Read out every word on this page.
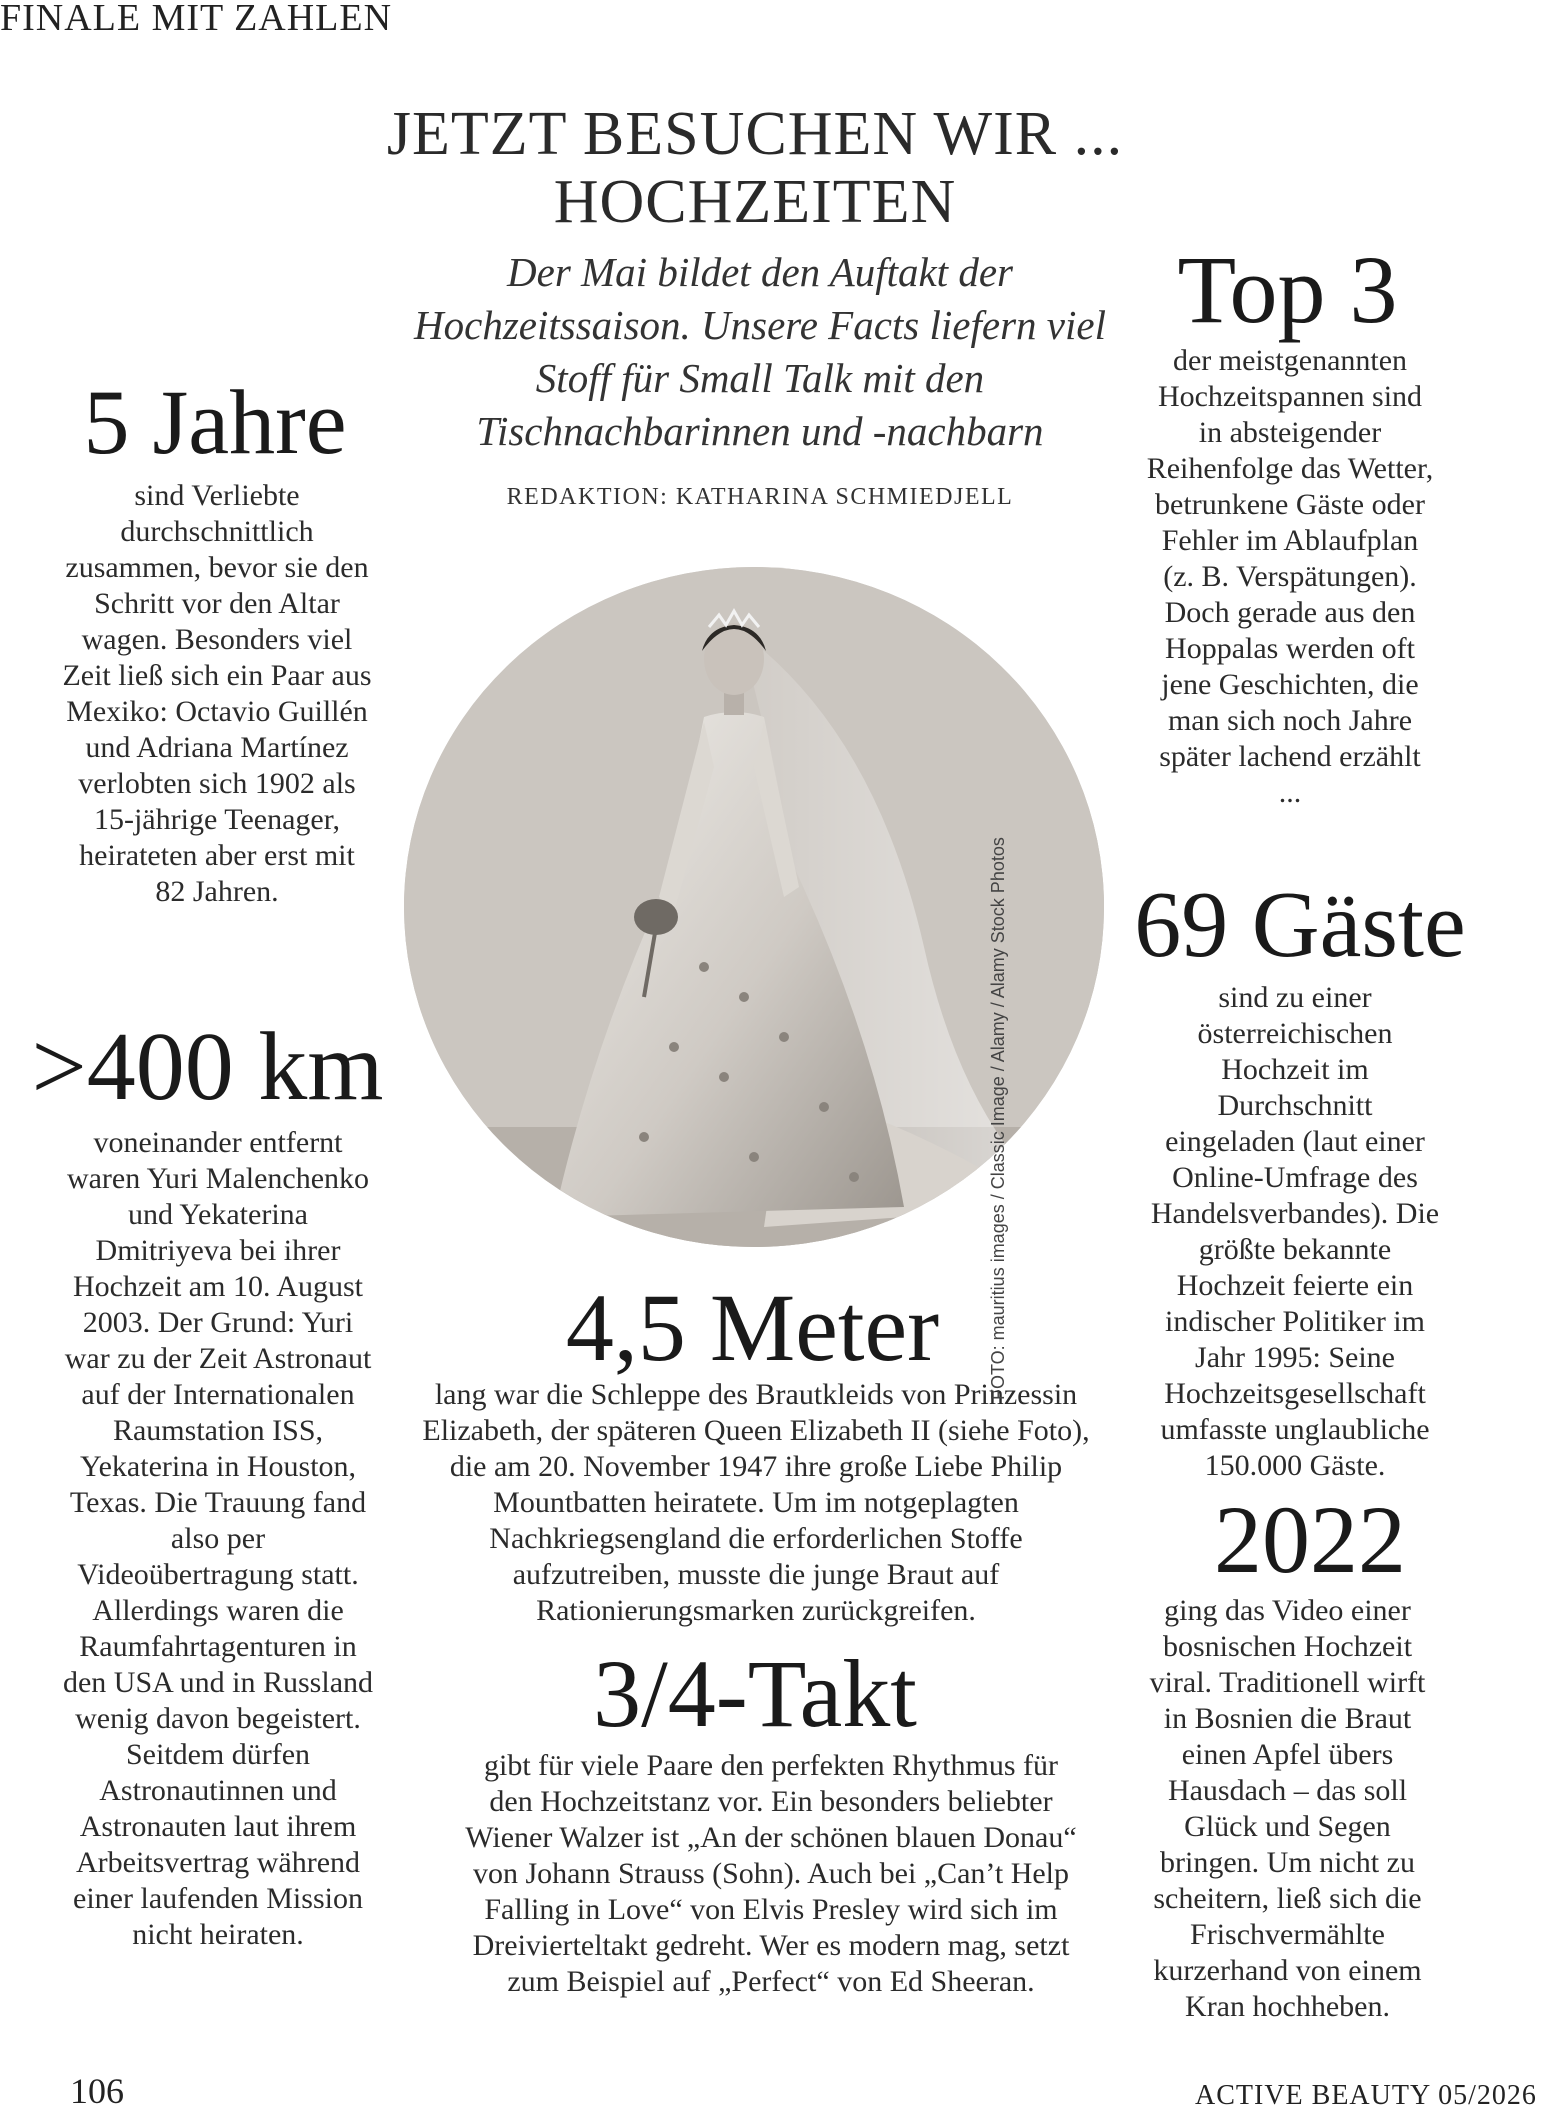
FINALE MIT ZAHLEN
JETZT BESUCHEN WIR ...
HOCHZEITEN
Der Mai bildet den Auftakt der Hochzeitssaison. Unsere Facts liefern viel Stoff für Small Talk mit den Tischnachbarinnen und -nachbarn
REDAKTION: KATHARINA SCHMIEDJELL
5 Jahre
sind Verliebte durchschnittlich zusammen, bevor sie den Schritt vor den Altar wagen. Besonders viel Zeit ließ sich ein Paar aus Mexiko: Octavio Guillén und Adriana Martínez verlobten sich 1902 als 15-jährige Teenager, heirateten aber erst mit 82 Jahren.
>400 km
voneinander entfernt waren Yuri Malenchenko und Yekaterina Dmitriyeva bei ihrer Hochzeit am 10. August 2003. Der Grund: Yuri war zu der Zeit Astronaut auf der Internationalen Raumstation ISS, Yekaterina in Houston, Texas. Die Trauung fand also per Videoübertragung statt. Allerdings waren die Raumfahrtagenturen in den USA und in Russland wenig davon begeistert. Seitdem dürfen Astronautinnen und Astronauten laut ihrem Arbeitsvertrag während einer laufenden Mission nicht heiraten.
4,5 Meter
lang war die Schleppe des Brautkleids von Prinzessin Elizabeth, der späteren Queen Elizabeth II (siehe Foto), die am 20. November 1947 ihre große Liebe Philip Mountbatten heiratete. Um im notgeplagten Nachkriegsengland die erforderlichen Stoffe aufzutreiben, musste die junge Braut auf Rationierungsmarken zurückgreifen.
3/4-Takt
gibt für viele Paare den perfekten Rhythmus für den Hochzeitstanz vor. Ein besonders beliebter Wiener Walzer ist „An der schönen blauen Donau“ von Johann Strauss (Sohn). Auch bei „Can’t Help Falling in Love“ von Elvis Presley wird sich im Dreivierteltakt gedreht. Wer es modern mag, setzt zum Beispiel auf „Perfect“ von Ed Sheeran.
Top 3
der meistgenannten Hochzeitspannen sind in absteigender Reihenfolge das Wetter, betrunkene Gäste oder Fehler im Ablaufplan (z. B. Verspätungen). Doch gerade aus den Hoppalas werden oft jene Geschichten, die man sich noch Jahre später lachend erzählt ...
69 Gäste
sind zu einer österreichischen Hochzeit im Durchschnitt eingeladen (laut einer Online-Umfrage des Handelsverbandes). Die größte bekannte Hochzeit feierte ein indischer Politiker im Jahr 1995: Seine Hochzeitsgesellschaft umfasste unglaubliche 150.000 Gäste.
2022
ging das Video einer bosnischen Hochzeit viral. Traditionell wirft in Bosnien die Braut einen Apfel übers Hausdach – das soll Glück und Segen bringen. Um nicht zu scheitern, ließ sich die Frischvermählte kurzerhand von einem Kran hochheben.
FOTO: mauritius images / Classic Image / Alamy / Alamy Stock Photos
106	ACTIVE BEAUTY 05/2026
